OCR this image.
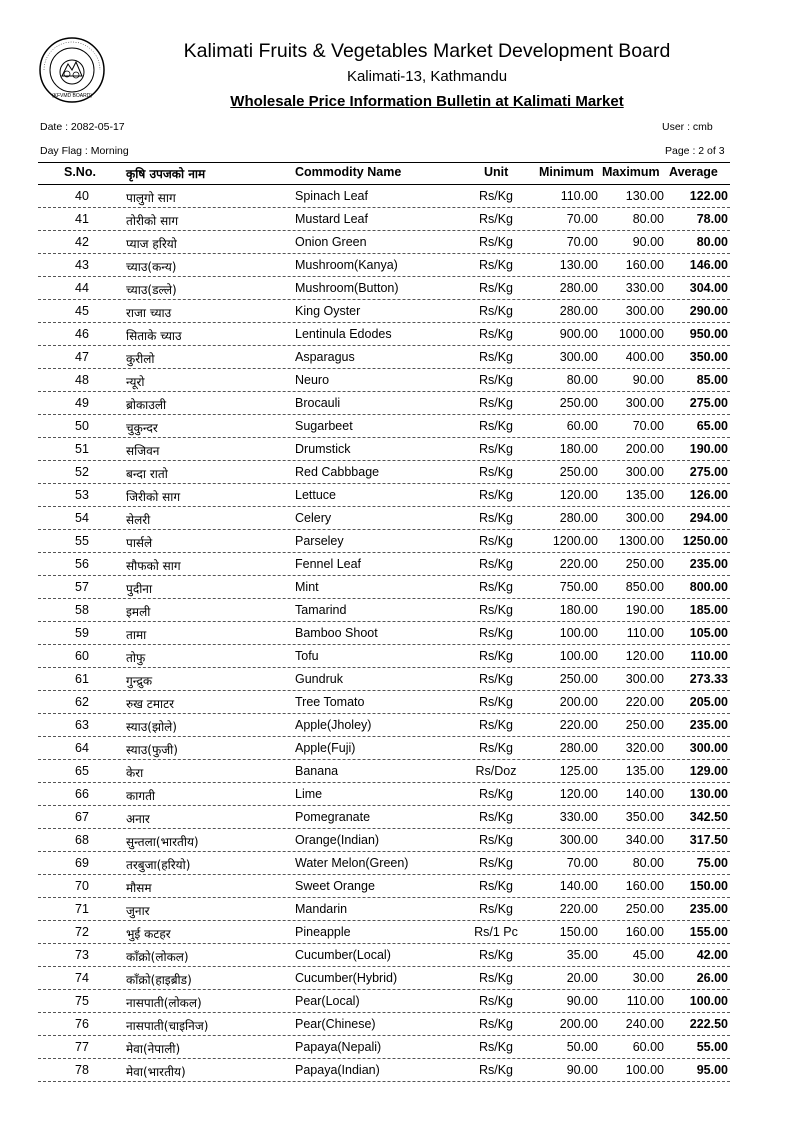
(KFVMD BOARD)
Kalimati Fruits & Vegetables Market Development Board
Kalimati-13, Kathmandu
Wholesale Price Information Bulletin at Kalimati Market
Date : 2082-05-17	User : cmb
Day Flag : Morning	Page : 2 of 3
S.No.	कृषि उपजको नाम	Commodity Name	Unit Minimum Maximum Average
40	पालुगो साग	Spinach Leaf	Rs/Kg	110.00	130.00	122.00
41	तोरीको साग	Mustard Leaf	Rs/Kg	70.00	80.00	78.00
42	प्याज हरियो	Onion Green	Rs/Kg	70.00	90.00	80.00
43	च्याउ(कन्य)	Mushroom(Kanya)	Rs/Kg	130.00	160.00	146.00
44	च्याउ(डल्ले)	Mushroom(Button)	Rs/Kg	280.00	330.00	304.00
45	राजा च्याउ	King Oyster	Rs/Kg	280.00	300.00	290.00
46	सिताके च्याउ	Lentinula Edodes	Rs/Kg	900.00	1000.00	950.00
47	कुरीलो	Asparagus	Rs/Kg	300.00	400.00	350.00
48	न्यूरो	Neuro	Rs/Kg	80.00	90.00	85.00
49	ब्रोकाउली	Brocauli	Rs/Kg	250.00	300.00	275.00
50	चुकुन्दर	Sugarbeet	Rs/Kg	60.00	70.00	65.00
51	सजिवन	Drumstick	Rs/Kg	180.00	200.00	190.00
52	बन्दा रातो	Red Cabbbage	Rs/Kg	250.00	300.00	275.00
53	जिरीको साग	Lettuce	Rs/Kg	120.00	135.00	126.00
54	सेलरी	Celery	Rs/Kg	280.00	300.00	294.00
55	पार्सले	Parseley	Rs/Kg	1200.00	1300.00	1250.00
56	सौफको साग	Fennel Leaf	Rs/Kg	220.00	250.00	235.00
57	पुदीना	Mint	Rs/Kg	750.00	850.00	800.00
58	इमली	Tamarind	Rs/Kg	180.00	190.00	185.00
59	तामा	Bamboo Shoot	Rs/Kg	100.00	110.00	105.00
60	तोफु	Tofu	Rs/Kg	100.00	120.00	110.00
61	गुन्द्रुक	Gundruk	Rs/Kg	250.00	300.00	273.33
62	रुख टमाटर	Tree Tomato	Rs/Kg	200.00	220.00	205.00
63	स्याउ(झोले)	Apple(Jholey)	Rs/Kg	220.00	250.00	235.00
64	स्याउ(फुजी)	Apple(Fuji)	Rs/Kg	280.00	320.00	300.00
65	केरा	Banana	Rs/Doz	125.00	135.00	129.00
66	कागती	Lime	Rs/Kg	120.00	140.00	130.00
67	अनार	Pomegranate	Rs/Kg	330.00	350.00	342.50
68	सुन्तला(भारतीय)	Orange(Indian)	Rs/Kg	300.00	340.00	317.50
69	तरबुजा(हरियो)	Water Melon(Green)	Rs/Kg	70.00	80.00	75.00
70	मौसम	Sweet Orange	Rs/Kg	140.00	160.00	150.00
71	जुनार	Mandarin	Rs/Kg	220.00	250.00	235.00
72	भुई कटहर	Pineapple	Rs/1 Pc	150.00	160.00	155.00
73	काँक्रो(लोकल)	Cucumber(Local)	Rs/Kg	35.00	45.00	42.00
74	काँक्रो(हाइब्रीड)	Cucumber(Hybrid)	Rs/Kg	20.00	30.00	26.00
75	नासपाती(लोकल)	Pear(Local)	Rs/Kg	90.00	110.00	100.00
76	नासपाती(चाइनिज)	Pear(Chinese)	Rs/Kg	200.00	240.00	222.50
77	मेवा(नेपाली)	Papaya(Nepali)	Rs/Kg	50.00	60.00	55.00
78	मेवा(भारतीय)	Papaya(Indian)	Rs/Kg	90.00	100.00	95.00
